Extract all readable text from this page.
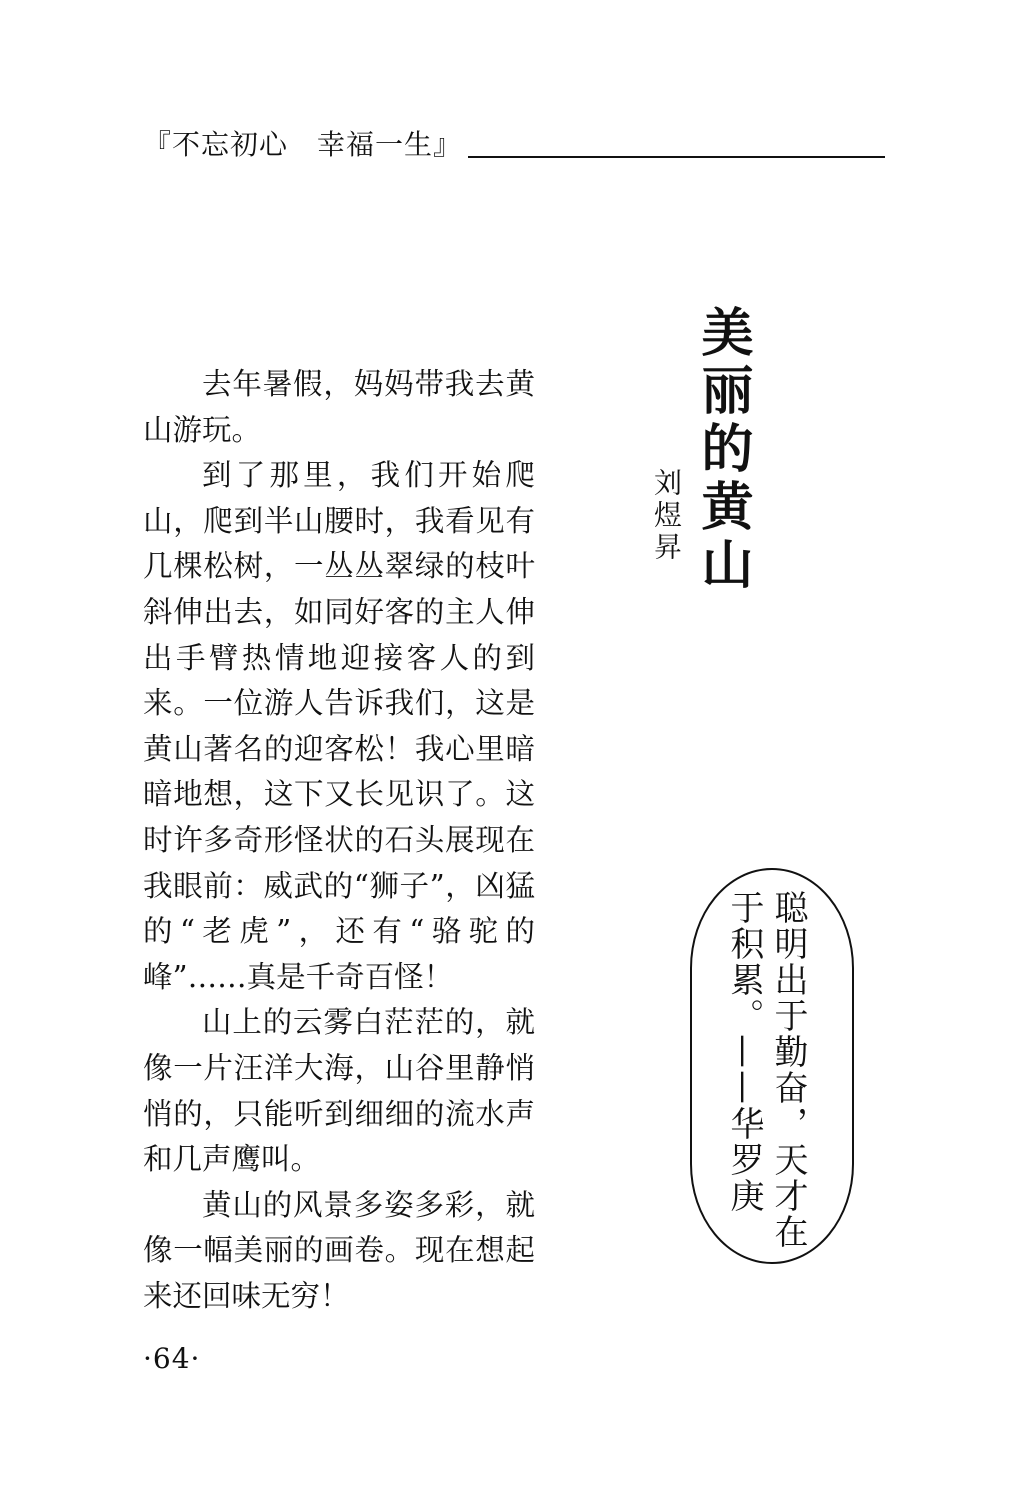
『不忘初心　幸福一生』
美丽的黄山
刘煜昇

去年暑假，妈妈带我去黄山游玩。

到了那里，我们开始爬山，爬到半山腰时，我看见有几棵松树，一丛丛翠绿的枝叶斜伸出去，如同好客的主人伸出手臂热情地迎接客人的到来。一位游人告诉我们，这是黄山著名的迎客松！我心里暗暗地想，这下又长见识了。这时许多奇形怪状的石头展现在我眼前：威武的“狮子”，凶猛的“老虎”，还有“骆驼的峰”……真是千奇百怪！

山上的云雾白茫茫的，就像一片汪洋大海，山谷里静悄悄的，只能听到细细的流水声和几声鹰叫。

黄山的风景多姿多彩，就像一幅美丽的画卷。现在想起来还回味无穷！

聪明出于勤奋，天才在
于积累。——华罗庚
·64·
